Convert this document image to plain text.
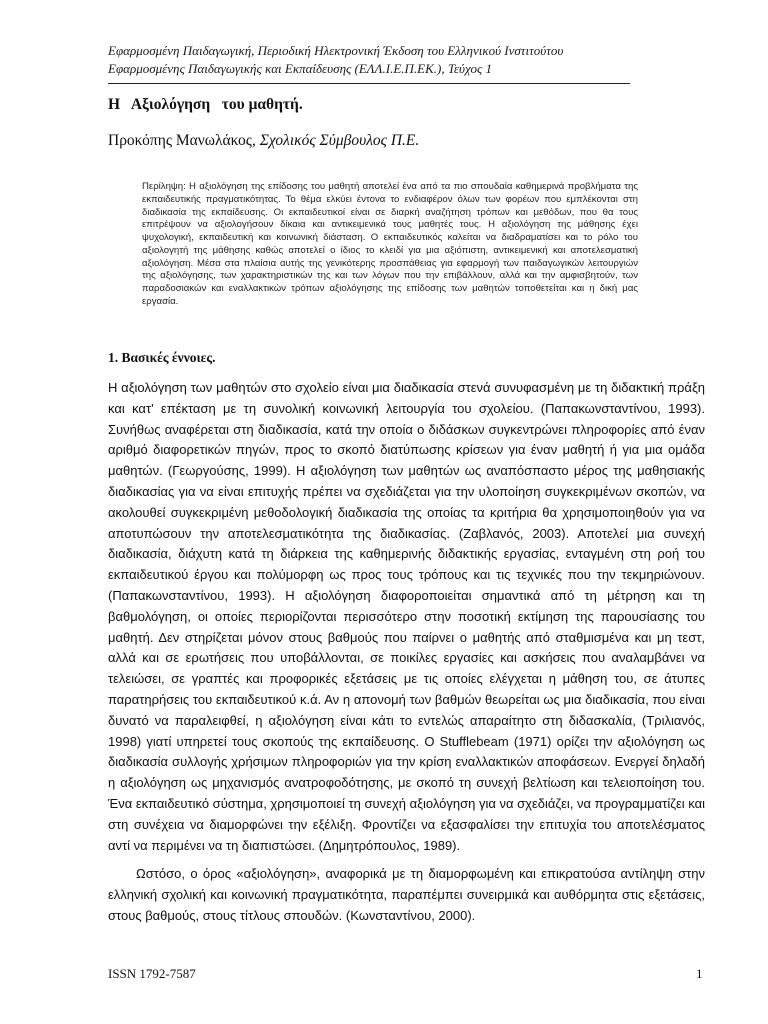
Εφαρμοσμένη Παιδαγωγική, Περιοδική Ηλεκτρονική Έκδοση του Ελληνικού Ινστιτούτου
Εφαρμοσμένης Παιδαγωγικής και Εκπαίδευσης (ΕΛΛ.Ι.Ε.Π.ΕΚ.), Τεύχος 1
Η   Αξιολόγηση   του μαθητή.
Προκόπης Μανωλάκος, Σχολικός Σύμβουλος Π.Ε.
Περίληψη: Η αξιολόγηση της επίδοσης του μαθητή αποτελεί ένα από τα πιο σπουδαία καθημερινά προβλήματα της εκπαιδευτικής πραγματικότητας. Το θέμα ελκύει έντονα το ενδιαφέρον όλων των φορέων που εμπλέκονται στη διαδικασία της εκπαίδευσης. Οι εκπαιδευτικοί είναι σε διαρκή αναζήτηση τρόπων και μεθόδων, που θα τους επιτρέψουν να αξιολογήσουν δίκαια και αντικειμενικά τους μαθητές τους. Η αξιολόγηση της μάθησης έχει ψυχολογική, εκπαιδευτική και κοινωνική διάσταση. Ο εκπαιδευτικός καλείται να διαδραματίσει και το ρόλο του αξιολογητή της μάθησης καθώς αποτελεί ο ίδιος το κλειδί για μια αξιόπιστη, αντικειμενική και αποτελεσματική αξιολόγηση. Μέσα στα πλαίσια αυτής της γενικότερης προσπάθειας για εφαρμογή των παιδαγωγικών λειτουργιών της αξιολόγησης, των χαρακτηριστικών της και των λόγων που την επιβάλλουν, αλλά και την αμφισβητούν, των παραδοσιακών και εναλλακτικών τρόπων αξιολόγησης της επίδοσης των μαθητών τοποθετείται και η δική μας εργασία.
1. Βασικές έννοιες.

Η αξιολόγηση των μαθητών στο σχολείο είναι μια διαδικασία στενά συνυφασμένη με τη διδακτική πράξη και κατ' επέκταση με τη συνολική κοινωνική λειτουργία του σχολείου. (Παπακωνσταντίνου, 1993). Συνήθως αναφέρεται στη διαδικασία, κατά την οποία ο διδάσκων συγκεντρώνει πληροφορίες από έναν αριθμό διαφορετικών πηγών, προς το σκοπό διατύπωσης κρίσεων για έναν μαθητή ή για μια ομάδα μαθητών. (Γεωργούσης, 1999). Η αξιολόγηση των μαθητών ως αναπόσπαστο μέρος της μαθησιακής διαδικασίας για να είναι επιτυχής πρέπει να σχεδιάζεται για την υλοποίηση συγκεκριμένων σκοπών, να ακολουθεί συγκεκριμένη μεθοδολογική διαδικασία της οποίας τα κριτήρια θα χρησιμοποιηθούν για να αποτυπώσουν την αποτελεσματικότητα της διαδικασίας. (Ζαβλανός, 2003). Αποτελεί μια συνεχή διαδικασία, διάχυτη κατά τη διάρκεια της καθημερινής διδακτικής εργασίας, ενταγμένη στη ροή του εκπαιδευτικού έργου και πολύμορφη ως προς τους τρόπους και τις τεχνικές που την τεκμηριώνουν. (Παπακωνσταντίνου, 1993). Η αξιολόγηση διαφοροποιείται σημαντικά από τη μέτρηση και τη βαθμολόγηση, οι οποίες περιορίζονται περισσότερο στην ποσοτική εκτίμηση της παρουσίασης του μαθητή. Δεν στηρίζεται μόνον στους βαθμούς που παίρνει ο μαθητής από σταθμισμένα και μη τεστ, αλλά και σε ερωτήσεις που υποβάλλονται, σε ποικίλες εργασίες και ασκήσεις που αναλαμβάνει να τελειώσει, σε γραπτές και προφορικές εξετάσεις με τις οποίες ελέγχεται η μάθηση του, σε άτυπες παρατηρήσεις του εκπαιδευτικού κ.ά. Αν η απονομή των βαθμών θεωρείται ως μια διαδικασία, που είναι δυνατό να παραλειφθεί, η αξιολόγηση είναι κάτι το εντελώς απαραίτητο στη διδασκαλία, (Τριλιανός, 1998) γιατί υπηρετεί τους σκοπούς της εκπαίδευσης. Ο Stufflebeam (1971) ορίζει την αξιολόγηση ως διαδικασία συλλογής χρήσιμων πληροφοριών για την κρίση εναλλακτικών αποφάσεων. Ενεργεί δηλαδή η αξιολόγηση ως μηχανισμός ανατροφοδότησης, με σκοπό τη συνεχή βελτίωση και τελειοποίηση του. Ένα εκπαιδευτικό σύστημα, χρησιμοποιεί τη συνεχή αξιολόγηση για να σχεδιάζει, να προγραμματίζει και στη συνέχεια να διαμορφώνει την εξέλιξη. Φροντίζει να εξασφαλίσει την επιτυχία του αποτελέσματος αντί να περιμένει να τη διαπιστώσει. (Δημητρόπουλος, 1989).

Ωστόσο, ο όρος «αξιολόγηση», αναφορικά με τη διαμορφωμένη και επικρατούσα αντίληψη στην ελληνική σχολική και κοινωνική πραγματικότητα, παραπέμπει συνειρμικά και αυθόρμητα στις εξετάσεις, στους βαθμούς, στους τίτλους σπουδών. (Κωνσταντίνου, 2000).

ISSN 1792-7587	1
